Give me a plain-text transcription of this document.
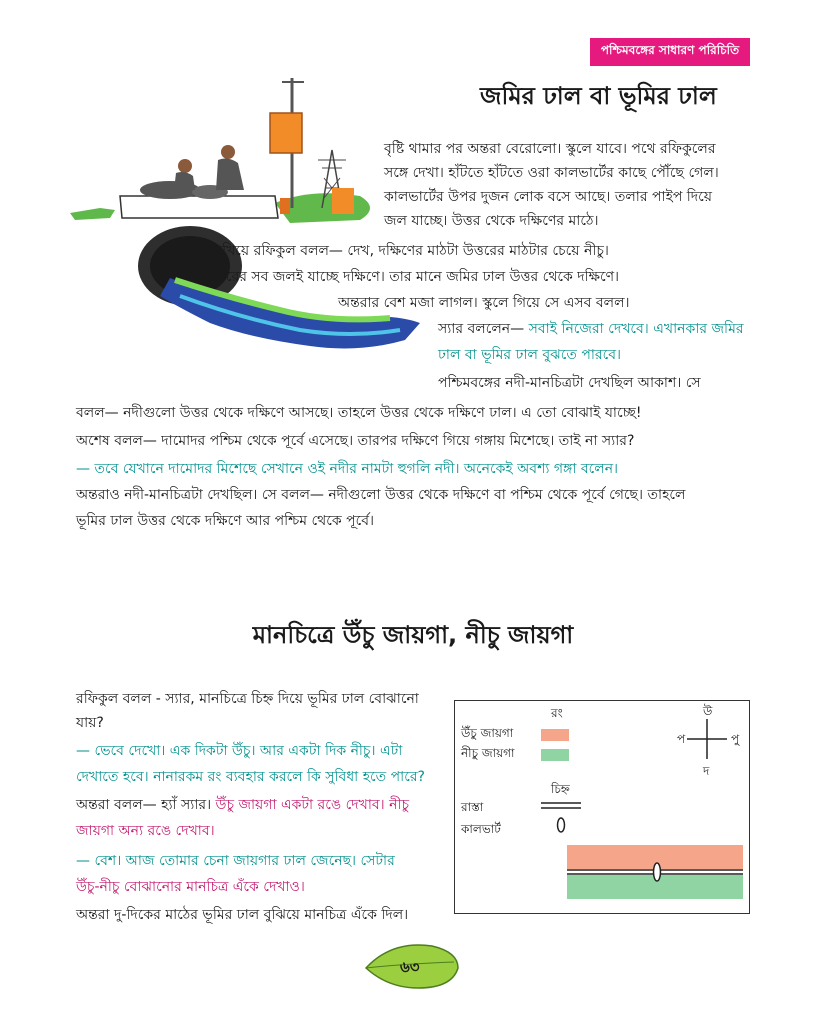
পশ্চিমবঙ্গের সাধারণ পরিচিতি
জমির ঢাল বা ভূমির ঢাল
বৃষ্টি থামার পর অন্তরা বেরোলো। স্কুলে যাবে। পথে রফিকুলের
সঙ্গে দেখা। হাঁটতে হাঁটতে ওরা কালভার্টের কাছে পৌঁছে গেল।
কালভার্টের উপর দুজন লোক বসে আছে। তলার পাইপ দিয়ে
জল যাচ্ছে। উত্তর থেকে দক্ষিণের মাঠে।
সেটা দেখিয়ে রফিকুল বলল— দেখ, দক্ষিণের মাঠটা উত্তরের মাঠটার চেয়ে নীচু।
উত্তরের সব জলই যাচ্ছে দক্ষিণে। তার মানে জমির ঢাল উত্তর থেকে দক্ষিণে।
অন্তরার বেশ মজা লাগল। স্কুলে গিয়ে সে এসব বলল।
স্যার বললেন— সবাই নিজেরা দেখবে। এখানকার জমির
ঢাল বা ভূমির ঢাল বুঝতে পারবে।
পশ্চিমবঙ্গের নদী-মানচিত্রটা দেখছিল আকাশ। সে
বলল— নদীগুলো উত্তর থেকে দক্ষিণে আসছে। তাহলে উত্তর থেকে দক্ষিণে ঢাল। এ তো বোঝাই যাচ্ছে!
অশেষ বলল— দামোদর পশ্চিম থেকে পূর্বে এসেছে। তারপর দক্ষিণে গিয়ে গঙ্গায় মিশেছে। তাই না স্যার?
— তবে যেখানে দামোদর মিশেছে সেখানে ওই নদীর নামটা হুগলি নদী। অনেকেই অবশ্য গঙ্গা বলেন।
অন্তরাও নদী-মানচিত্রটা দেখছিল। সে বলল— নদীগুলো উত্তর থেকে দক্ষিণে বা পশ্চিম থেকে পূর্বে গেছে। তাহলে
ভূমির ঢাল উত্তর থেকে দক্ষিণে আর পশ্চিম থেকে পূর্বে।
মানচিত্রে উঁচু জায়গা, নীচু জায়গা
রফিকুল বলল - স্যার, মানচিত্রে চিহ্ন দিয়ে ভূমির ঢাল বোঝানো
যায়?
— ভেবে দেখো। এক দিকটা উঁচু। আর একটা দিক নীচু। এটা
দেখাতে হবে। নানারকম রং ব্যবহার করলে কি সুবিধা হতে পারে?
অন্তরা বলল— হ্যাঁ স্যার। উঁচু জায়গা একটা রঙে দেখাব। নীচু
জায়গা অন্য রঙে দেখাব।
— বেশ। আজ তোমার চেনা জায়গার ঢাল জেনেছ। সেটার
উঁচু-নীচু বোঝানোর মানচিত্র এঁকে দেখাও।
অন্তরা দু-দিকের মাঠের ভূমির ঢাল বুঝিয়ে মানচিত্র এঁকে দিল।
রং
উঁচু জায়গা
নীচু জায়গা
উ
প	পু
দ
চিহ্ন
রাস্তা
কালভার্ট
৬৩
